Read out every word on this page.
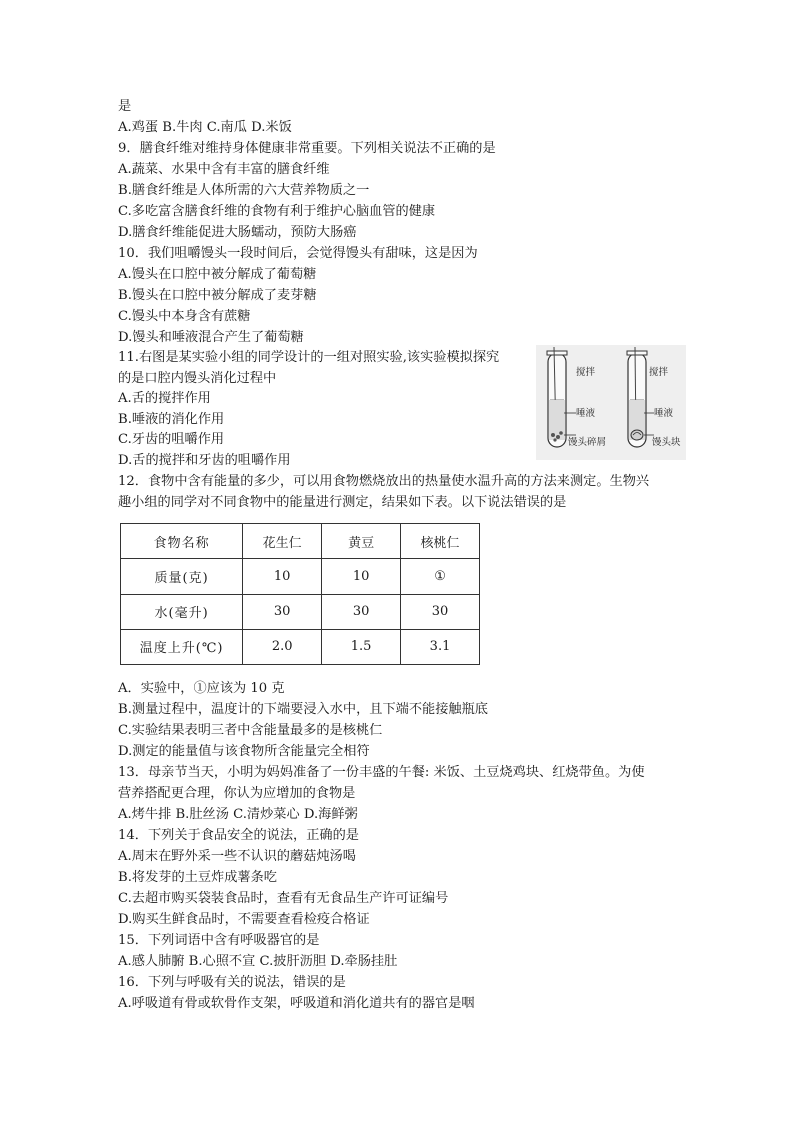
是
A.鸡蛋 B.牛肉 C.南瓜 D.米饭
9．膳食纤维对维持身体健康非常重要。下列相关说法不正确的是
A.蔬菜、水果中含有丰富的膳食纤维
B.膳食纤维是人体所需的六大营养物质之一
C.多吃富含膳食纤维的食物有利于维护心脑血管的健康
D.膳食纤维能促进大肠蠕动，预防大肠癌
10．我们咀嚼馒头一段时间后，会觉得馒头有甜味，这是因为
A.馒头在口腔中被分解成了葡萄糖
B.馒头在口腔中被分解成了麦芽糖
C.馒头中本身含有蔗糖
D.馒头和唾液混合产生了葡萄糖
11.右图是某实验小组的同学设计的一组对照实验,该实验模拟探究
的是口腔内馒头消化过程中
A.舌的搅拌作用
B.唾液的消化作用
C.牙齿的咀嚼作用
D.舌的搅拌和牙齿的咀嚼作用
12．食物中含有能量的多少，可以用食物燃烧放出的热量使水温升高的方法来测定。生物兴
趣小组的同学对不同食物中的能量进行测定，结果如下表。以下说法错误的是
搅拌
唾液
馒头碎屑
搅拌
唾液
馒头块
食物名称	花生仁	黄豆	核桃仁
质量(克)	10	10	①
水(毫升)	30	30	30
温度上升(℃)	2.0	1.5	3.1
A．实验中，①应该为 10 克
B.测量过程中，温度计的下端要浸入水中，且下端不能接触瓶底
C.实验结果表明三者中含能量最多的是核桃仁
D.测定的能量值与该食物所含能量完全相符
13．母亲节当天，小明为妈妈准备了一份丰盛的午餐: 米饭、土豆烧鸡块、红烧带鱼。为使
营养搭配更合理，你认为应增加的食物是
A.烤牛排 B.肚丝汤 C.清炒菜心 D.海鲜粥
14．下列关于食品安全的说法，正确的是
A.周末在野外采一些不认识的蘑菇炖汤喝
B.将发芽的土豆炸成薯条吃
C.去超市购买袋装食品时，查看有无食品生产许可证编号
D.购买生鲜食品时，不需要查看检疫合格证
15．下列词语中含有呼吸器官的是
A.感人肺腑 B.心照不宣 C.披肝沥胆 D.牵肠挂肚
16．下列与呼吸有关的说法，错误的是
A.呼吸道有骨或软骨作支架，呼吸道和消化道共有的器官是咽
